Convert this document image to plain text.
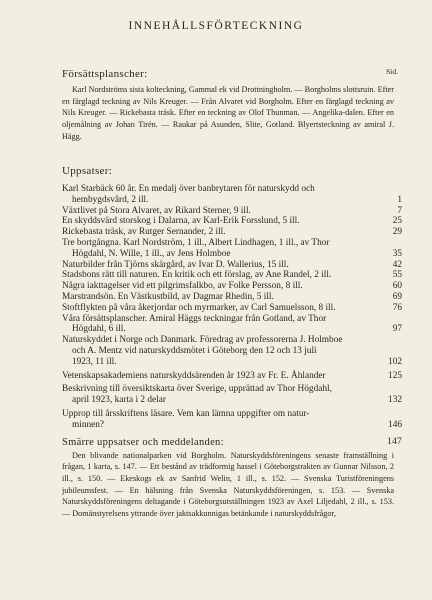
INNEHÅLLSFÖRTECKNING
Sid.
Försättsplanscher:
Karl Nordströms sista kolteckning, Gammal ek vid Drottningholm. — Borgholms slottsruin. Efter en färglagd teckning av Nils Kreuger. — Från Alvaret vid Borgholm. Efter en färglagd teckning av Nils Kreuger. — Rickebasta träsk. Efter en teckning av Olof Thunman. — Angelika-dalen. Efter en oljemålning av Johan Tirén. — Raukar på Asunden, Slite, Gotland. Blyertsteckning av amiral J. Hägg.
Uppsatser:
Karl Starbäck 60 år. En medalj över banbrytaren för naturskydd och
hembygdsvård, 2 ill.	1
Växtlivet på Stora Alvaret, av Rikard Sterner, 9 ill.	7
En skyddsvärd storskog i Dalarna, av Karl-Erik Forsslund, 5 ill.	25
Rickebasta träsk, av Rutger Sernander, 2 ill.	29
Tre bortgångna. Karl Nordström, 1 ill., Albert Lindhagen, 1 ill., av Thor
Högdahl, N. Wille, 1 ill., av Jens Holmboe	35
Naturbilder från Tjörns skärgård, av Ivar D. Wallerius, 15 ill.	42
Stadsbons rätt till naturen. En kritik och ett förslag, av Ane Randel, 2 ill.	55
Några iakttagelser vid ett pilgrimsfalkbo, av Folke Persson, 8 ill.	60
Marstrandsön. En Västkustbild, av Dagmar Rhedin, 5 ill.	69
Stoftflykten på våra åkerjordar och myrmarker, av Carl Samuelsson, 8 ill.	76
Våra försättsplanscher. Amiral Häggs teckningar från Gotland, av Thor
Högdahl, 6 ill.	97
Naturskyddet i Norge och Danmark. Föredrag av professorerna J. Holmboe
och A. Mentz vid naturskyddsmötet i Göteborg den 12 och 13 juli
1923, 11 ill.	102
Vetenskapsakademiens naturskyddsärenden år 1923 av Fr. E. Åhlander	125
Beskrivning till översiktskarta över Sverige, upprättad av Thor Högdahl,
april 1923, karta i 2 delar	132
Upprop till årsskriftens läsare. Vem kan lämna uppgifter om natur-
minnen?	146
Smärre uppsatser och meddelanden:	147
Den blivande nationalparken vid Borgholm. Naturskyddsföreningens senaste framställning i frågan, 1 karta, s. 147. — Ett bestånd av trädformig hassel i Göteborgstrakten av Gunnar Nilsson, 2 ill., s. 150. — Ekeskogs ek av Sanfrid Welin, 1 ill., s. 152. — Svenska Turistföreningens jubileumsfest. — En hälsning från Svenska Naturskyddsföreningen, s. 153. — Svenska Naturskyddsföreningens deltagande i Göteborgsutställningen 1923 av Axel Liljedahl, 2 ill., s. 153. — Domänstyrelsens yttrande över jaktsakkunnigas betänkande i naturskyddsfrågor,
